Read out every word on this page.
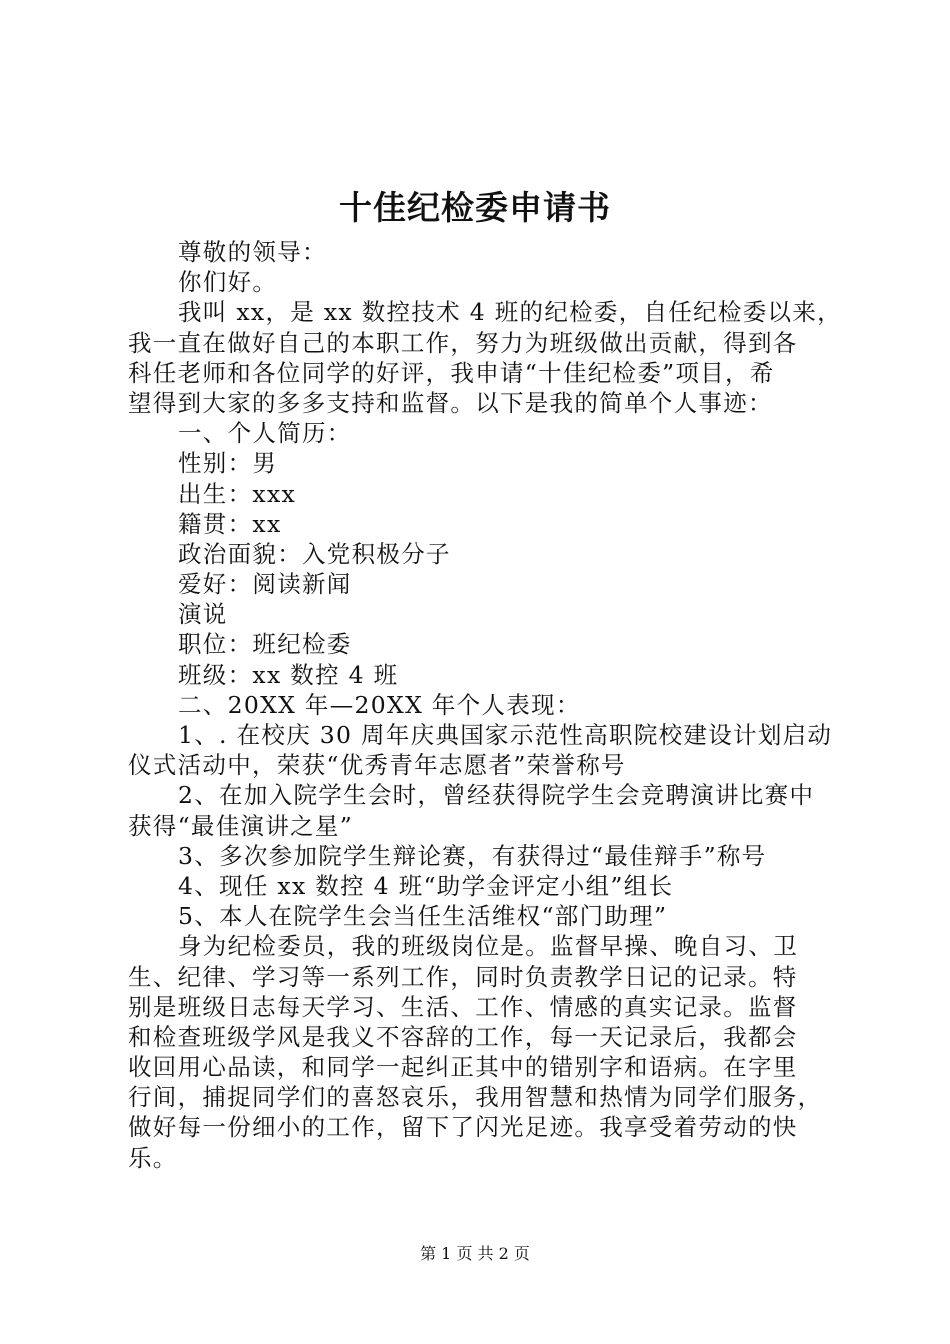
十佳纪检委申请书
尊敬的领导：
你们好。
我叫 xx，是 xx 数控技术 4 班的纪检委，自任纪检委以来，
我一直在做好自己的本职工作，努力为班级做出贡献，得到各
科任老师和各位同学的好评，我申请“十佳纪检委”项目，希
望得到大家的多多支持和监督。以下是我的简单个人事迹：
一、个人简历：
性别：男
出生：xxx
籍贯：xx
政治面貌：入党积极分子
爱好：阅读新闻
演说
职位：班纪检委
班级：xx 数控 4 班
二、20XX 年—20XX 年个人表现：
1、. 在校庆 30 周年庆典国家示范性高职院校建设计划启动
仪式活动中，荣获“优秀青年志愿者”荣誉称号
2、在加入院学生会时，曾经获得院学生会竞聘演讲比赛中
获得“最佳演讲之星”
3、多次参加院学生辩论赛，有获得过“最佳辩手”称号
4、现任 xx 数控 4 班“助学金评定小组”组长
5、本人在院学生会当任生活维权“部门助理”
身为纪检委员，我的班级岗位是。监督早操、晚自习、卫
生、纪律、学习等一系列工作，同时负责教学日记的记录。特
别是班级日志每天学习、生活、工作、情感的真实记录。监督
和检查班级学风是我义不容辞的工作，每一天记录后，我都会
收回用心品读，和同学一起纠正其中的错别字和语病。在字里
行间，捕捉同学们的喜怒哀乐，我用智慧和热情为同学们服务，
做好每一份细小的工作，留下了闪光足迹。我享受着劳动的快
乐。
第 1 页 共 2 页
